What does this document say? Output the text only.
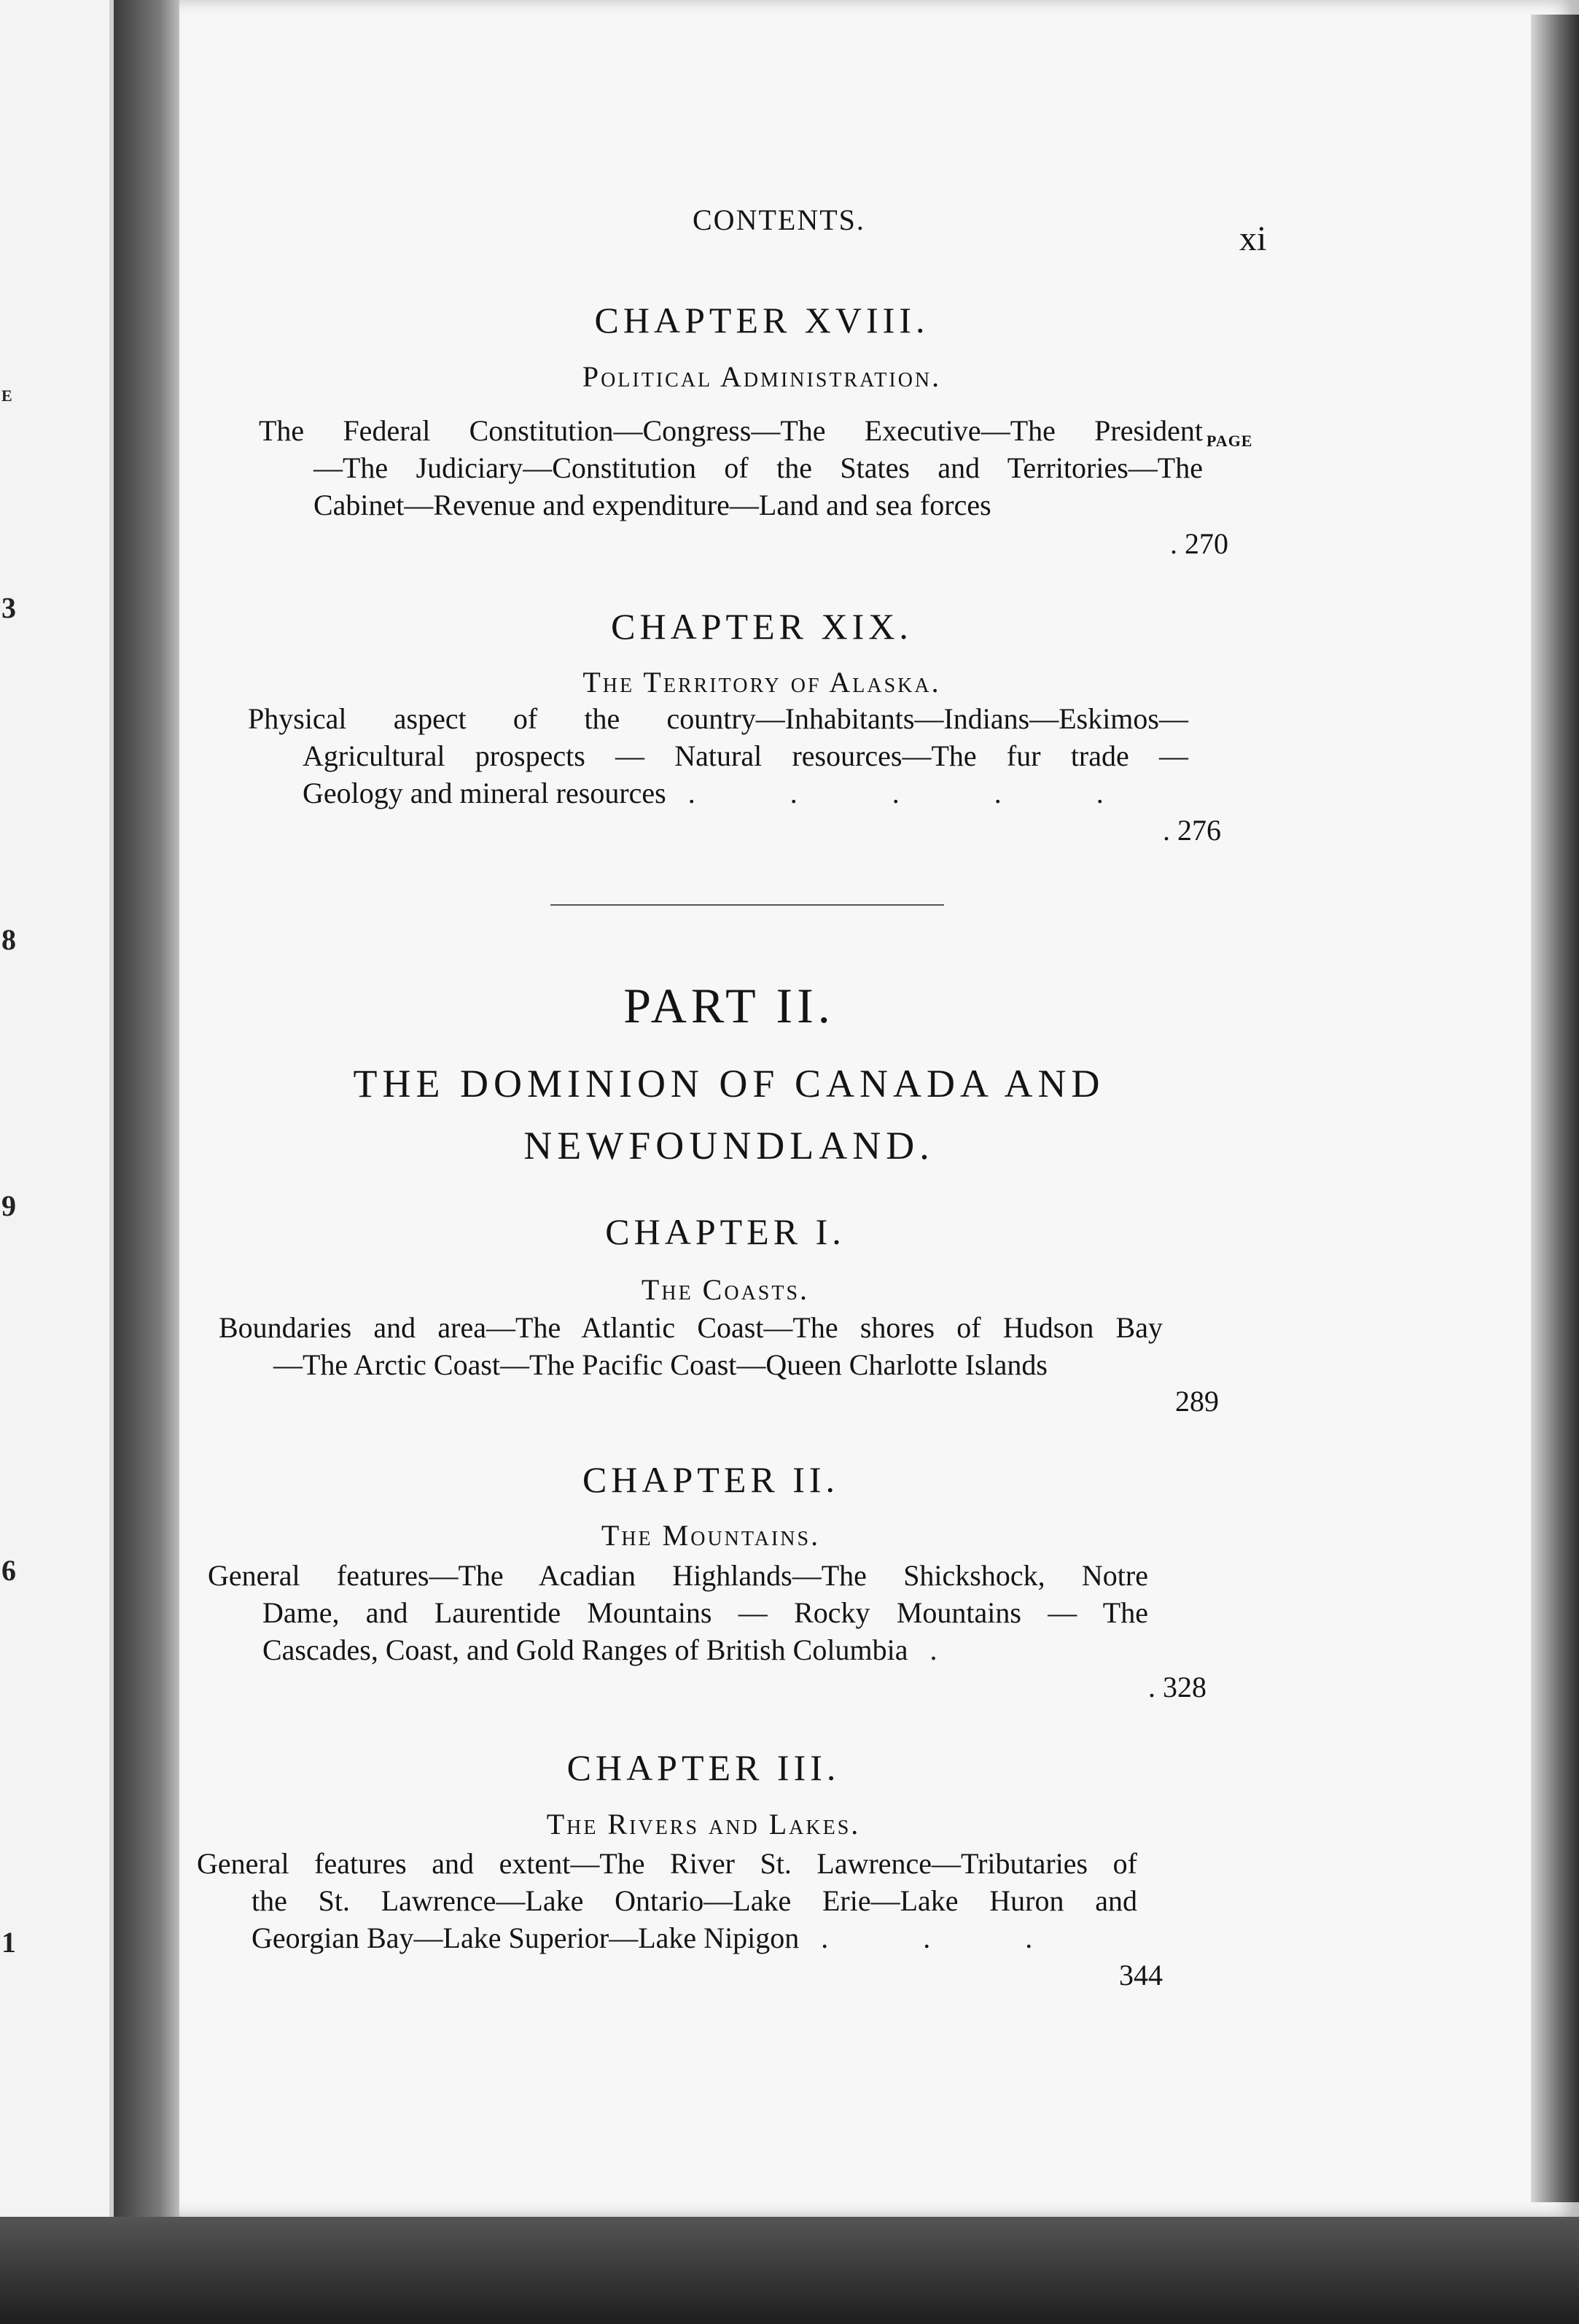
E
3
8
9
6
1
CONTENTS.	xi
CHAPTER XVIII.
Political Administration.
PAGE
The Federal Constitution—Congress—The Executive—The President
—The Judiciary—Constitution of the States and Territories—The
Cabinet—Revenue and expenditure—Land and sea forces
. 270
CHAPTER XIX.
The Territory of Alaska.
Physical aspect of the country—Inhabitants—Indians—Eskimos—
Agricultural prospects — Natural resources—The fur trade —
Geology and mineral resources . . . . .
. 276
PART II.
THE DOMINION OF CANADA AND
NEWFOUNDLAND.
CHAPTER I.
The Coasts.
Boundaries and area—The Atlantic Coast—The shores of Hudson Bay
—The Arctic Coast—The Pacific Coast—Queen Charlotte Islands
289
CHAPTER II.
The Mountains.
General features—The Acadian Highlands—The Shickshock, Notre
Dame, and Laurentide Mountains — Rocky Mountains — The
Cascades, Coast, and Gold Ranges of British Columbia .
. 328
CHAPTER III.
The Rivers and Lakes.
General features and extent—The River St. Lawrence—Tributaries of
the St. Lawrence—Lake Ontario—Lake Erie—Lake Huron and
Georgian Bay—Lake Superior—Lake Nipigon . . .
344
